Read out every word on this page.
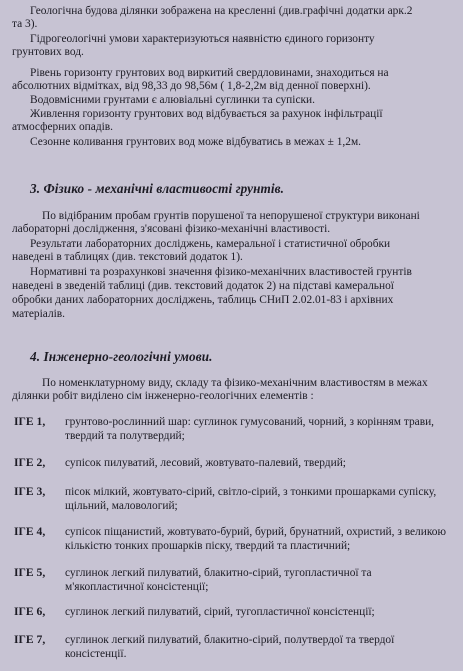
Геологічна будова ділянки зображена на кресленні (див.графічні додатки арк.2
та 3).
Гідрогеологічні умови характеризуються наявністю єдиного горизонту
грунтових вод.
Рівень горизонту грунтових вод виркитий свердловинами, знаходиться на
абсолютних відмітках, від 98,33 до 98,56м ( 1,8-2,2м від денної поверхні).
Водовмісними грунтами є алювіальні суглинки та супіски.
Живлення горизонту грунтових вод відбувається за рахунок інфільтрації
атмосферних опадів.
Сезонне коливання грунтових вод може відбуватись в межах ± 1,2м.
3. Фізико - механічні властивості грунтів.
По відібраним пробам грунтів порушеної та непорушеної структури виконані
лабораторні дослідження, з'ясовані фізико-механічні властивості.
Результати лабораторних досліджень, камеральної і статистичної обробки
наведені в таблицях (див. текстовий додаток 1).
Нормативні та розрахункові значення фізико-механічних властивостей грунтів
наведені в зведеній таблиці (див. текстовий додаток 2) на підставі камеральної
обробки даних лабораторних досліджень, таблиць СНиП 2.02.01-83 і архівних
матеріалів.
4. Інженерно-геологічні умови.
По номенклатурному виду, складу та фізико-механічним властивостям в межах
ділянки робіт виділено сім інженерно-геологічних елементів :
ІГЕ 1, грунтово-рослинний шар: суглинок гумусований, чорний, з корінням трави,
твердий та полутвердий;
ІГЕ 2, супісок пилуватий, лесовий, жовтувато-палевий, твердий;
ІГЕ 3, пісок мілкий, жовтувато-сірий, світло-сірий, з тонкими прошарками супіску,
щільний, маловологий;
ІГЕ 4, супісок піщанистий, жовтувато-бурий, бурий, брунатний, охристий, з великою
кількістю тонких прошарків піску, твердий та пластичний;
ІГЕ 5, суглинок легкий пилуватий, блакитно-сірий, тугопластичної та
м'якопластичної консістенції;
ІГЕ 6, суглинок легкий пилуватий, сірий, тугопластичної консістенції;
ІГЕ 7, суглинок легкий пилуватий, блакитно-сірий, полутвердої та твердої
консістенції.
